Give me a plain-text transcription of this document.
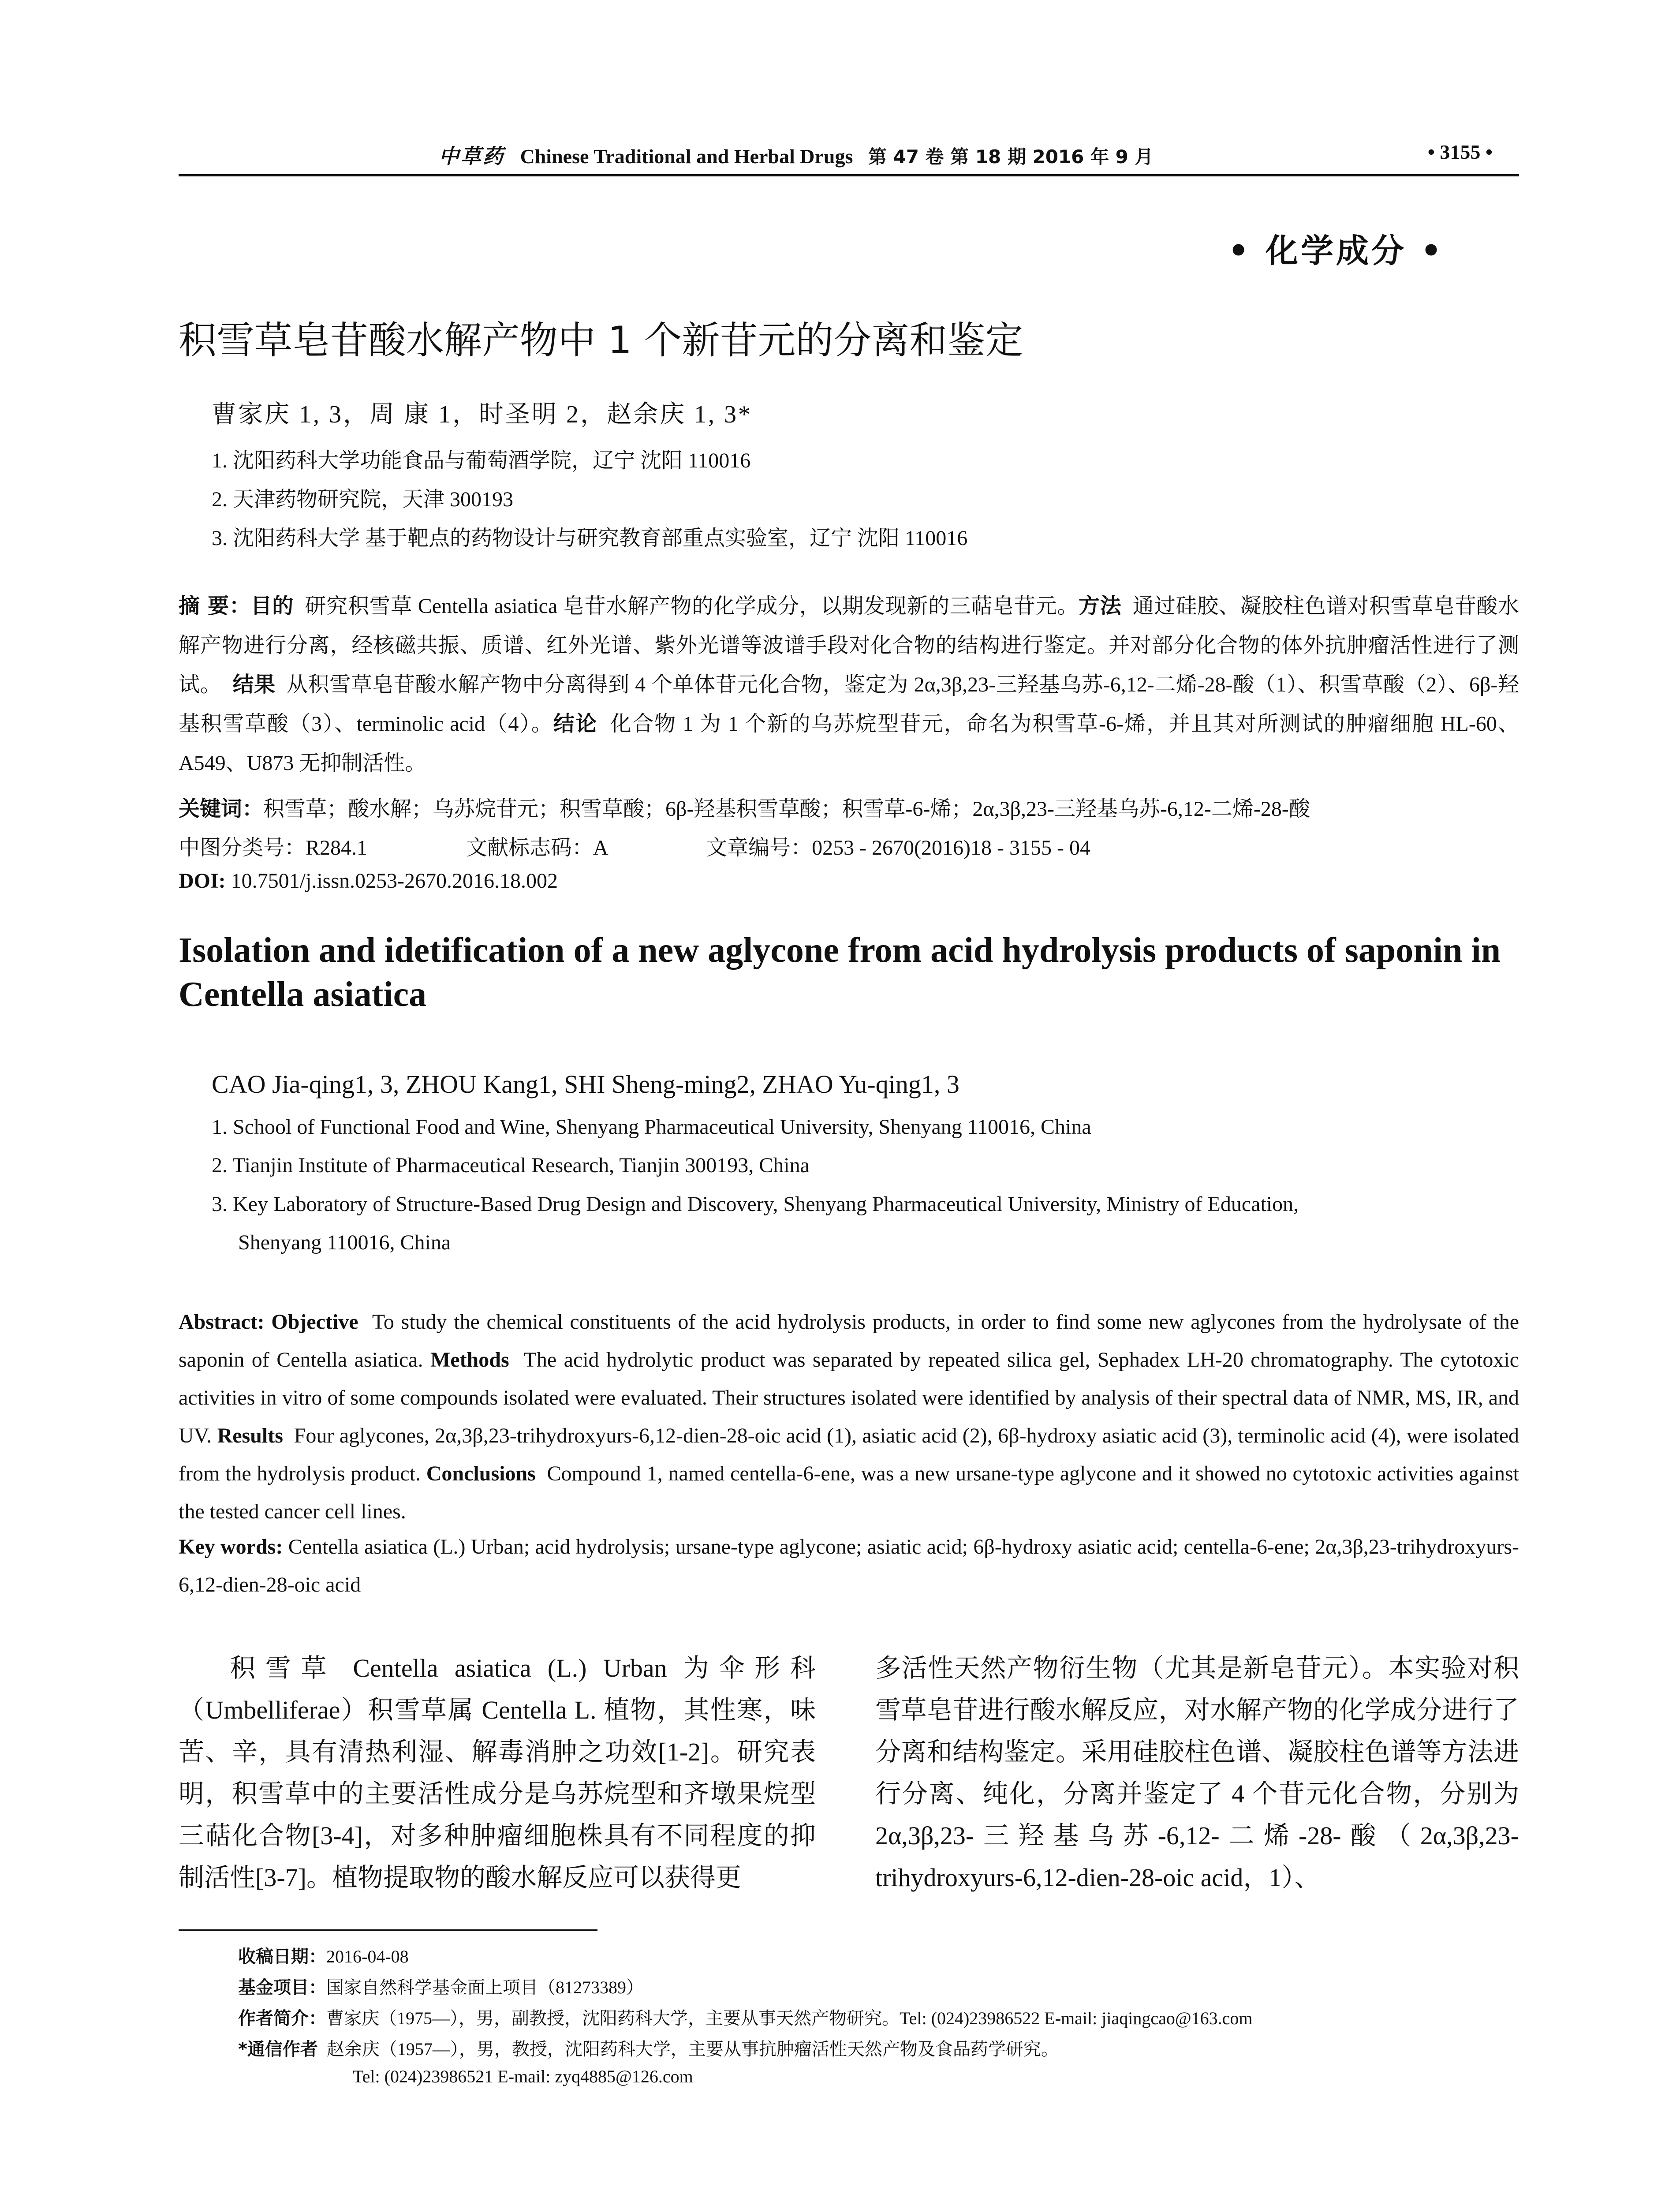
中草药 Chinese Traditional and Herbal Drugs 第 47 卷 第 18 期 2016 年 9 月	• 3155 •
• 化学成分 •
积雪草皂苷酸水解产物中 1 个新苷元的分离和鉴定
曹家庆 1, 3，周 康 1，时圣明 2，赵余庆 1, 3*
1. 沈阳药科大学功能食品与葡萄酒学院，辽宁 沈阳 110016
2. 天津药物研究院，天津 300193
3. 沈阳药科大学 基于靶点的药物设计与研究教育部重点实验室，辽宁 沈阳 110016
摘 要：目的 研究积雪草 Centella asiatica 皂苷水解产物的化学成分，以期发现新的三萜皂苷元。方法 通过硅胶、凝胶柱色谱对积雪草皂苷酸水解产物进行分离，经核磁共振、质谱、红外光谱、紫外光谱等波谱手段对化合物的结构进行鉴定。并对部分化合物的体外抗肿瘤活性进行了测试。 结果 从积雪草皂苷酸水解产物中分离得到 4 个单体苷元化合物，鉴定为 2α,3β,23-三羟基乌苏-6,12-二烯-28-酸（1）、积雪草酸（2）、6β-羟基积雪草酸（3）、terminolic acid（4）。结论 化合物 1 为 1 个新的乌苏烷型苷元，命名为积雪草-6-烯，并且其对所测试的肿瘤细胞 HL-60、A549、U873 无抑制活性。
关键词：积雪草；酸水解；乌苏烷苷元；积雪草酸；6β-羟基积雪草酸；积雪草-6-烯；2α,3β,23-三羟基乌苏-6,12-二烯-28-酸
中图分类号：R284.1	文献标志码：A	文章编号：0253 - 2670(2016)18 - 3155 - 04
DOI: 10.7501/j.issn.0253-2670.2016.18.002
Isolation and idetification of a new aglycone from acid hydrolysis products of saponin in Centella asiatica
CAO Jia-qing1, 3, ZHOU Kang1, SHI Sheng-ming2, ZHAO Yu-qing1, 3
1. School of Functional Food and Wine, Shenyang Pharmaceutical University, Shenyang 110016, China
2. Tianjin Institute of Pharmaceutical Research, Tianjin 300193, China
3. Key Laboratory of Structure-Based Drug Design and Discovery, Shenyang Pharmaceutical University, Ministry of Education,
Shenyang 110016, China
Abstract: Objective To study the chemical constituents of the acid hydrolysis products, in order to find some new aglycones from the hydrolysate of the saponin of Centella asiatica. Methods The acid hydrolytic product was separated by repeated silica gel, Sephadex LH-20 chromatography. The cytotoxic activities in vitro of some compounds isolated were evaluated. Their structures isolated were identified by analysis of their spectral data of NMR, MS, IR, and UV. Results Four aglycones, 2α,3β,23-trihydroxyurs-6,12-dien-28-oic acid (1), asiatic acid (2), 6β-hydroxy asiatic acid (3), terminolic acid (4), were isolated from the hydrolysis product. Conclusions Compound 1, named centella-6-ene, was a new ursane-type aglycone and it showed no cytotoxic activities against the tested cancer cell lines.
Key words: Centella asiatica (L.) Urban; acid hydrolysis; ursane-type aglycone; asiatic acid; 6β-hydroxy asiatic acid; centella-6-ene; 2α,3β,23-trihydroxyurs-6,12-dien-28-oic acid
积雪草 Centella asiatica (L.) Urban 为伞形科（Umbelliferae）积雪草属 Centella L. 植物，其性寒，味苦、辛，具有清热利湿、解毒消肿之功效[1-2]。研究表明，积雪草中的主要活性成分是乌苏烷型和齐墩果烷型三萜化合物[3-4]，对多种肿瘤细胞株具有不同程度的抑制活性[3-7]。植物提取物的酸水解反应可以获得更
多活性天然产物衍生物（尤其是新皂苷元）。本实验对积雪草皂苷进行酸水解反应，对水解产物的化学成分进行了分离和结构鉴定。采用硅胶柱色谱、凝胶柱色谱等方法进行分离、纯化，分离并鉴定了 4 个苷元化合物，分别为 2α,3β,23-三羟基乌苏-6,12-二烯-28-酸（2α,3β,23-trihydroxyurs-6,12-dien-28-oic acid，1）、
收稿日期：2016-04-08
基金项目：国家自然科学基金面上项目（81273389）
作者简介：曹家庆（1975—），男，副教授，沈阳药科大学，主要从事天然产物研究。Tel: (024)23986522 E-mail: jiaqingcao@163.com
*通信作者 赵余庆（1957—），男，教授，沈阳药科大学，主要从事抗肿瘤活性天然产物及食品药学研究。
Tel: (024)23986521 E-mail: zyq4885@126.com
